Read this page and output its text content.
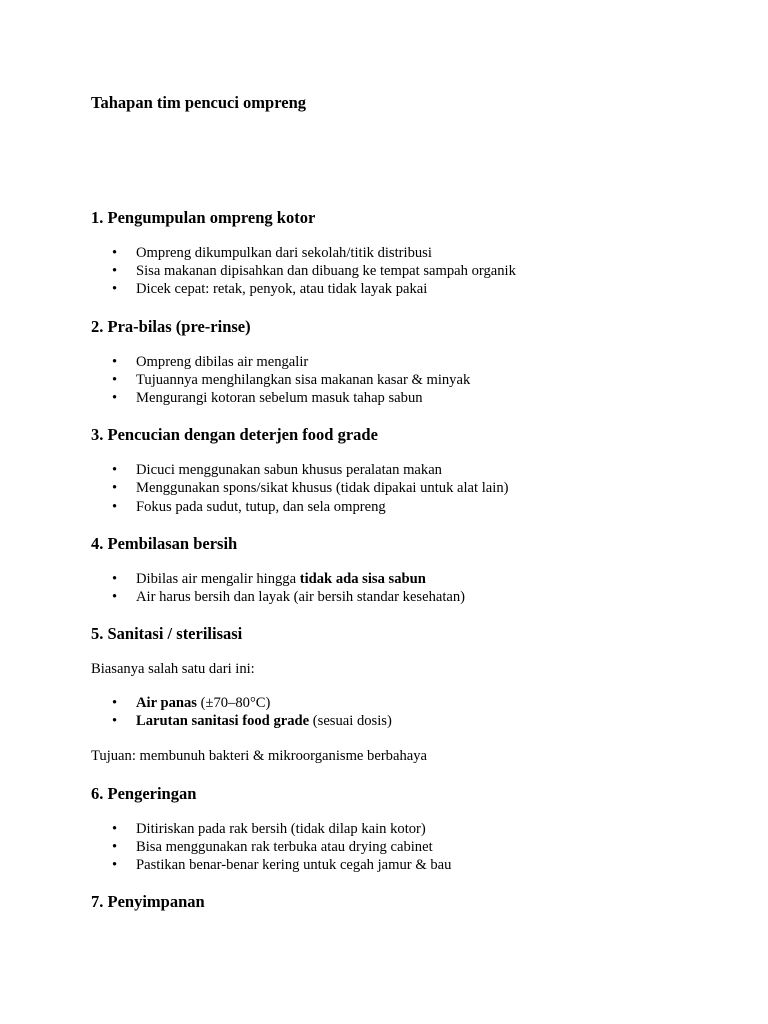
Tahapan tim pencuci ompreng
1. Pengumpulan ompreng kotor
• Ompreng dikumpulkan dari sekolah/titik distribusi
• Sisa makanan dipisahkan dan dibuang ke tempat sampah organik
• Dicek cepat: retak, penyok, atau tidak layak pakai
2. Pra-bilas (pre-rinse)
• Ompreng dibilas air mengalir
• Tujuannya menghilangkan sisa makanan kasar & minyak
• Mengurangi kotoran sebelum masuk tahap sabun
3. Pencucian dengan deterjen food grade
• Dicuci menggunakan sabun khusus peralatan makan
• Menggunakan spons/sikat khusus (tidak dipakai untuk alat lain)
• Fokus pada sudut, tutup, dan sela ompreng
4. Pembilasan bersih
• Dibilas air mengalir hingga tidak ada sisa sabun
• Air harus bersih dan layak (air bersih standar kesehatan)
5. Sanitasi / sterilisasi

Biasanya salah satu dari ini:

• Air panas (±70–80°C)
• Larutan sanitasi food grade (sesuai dosis)

Tujuan: membunuh bakteri & mikroorganisme berbahaya

6. Pengeringan
• Ditiriskan pada rak bersih (tidak dilap kain kotor)
• Bisa menggunakan rak terbuka atau drying cabinet
• Pastikan benar-benar kering untuk cegah jamur & bau
7. Penyimpanan
